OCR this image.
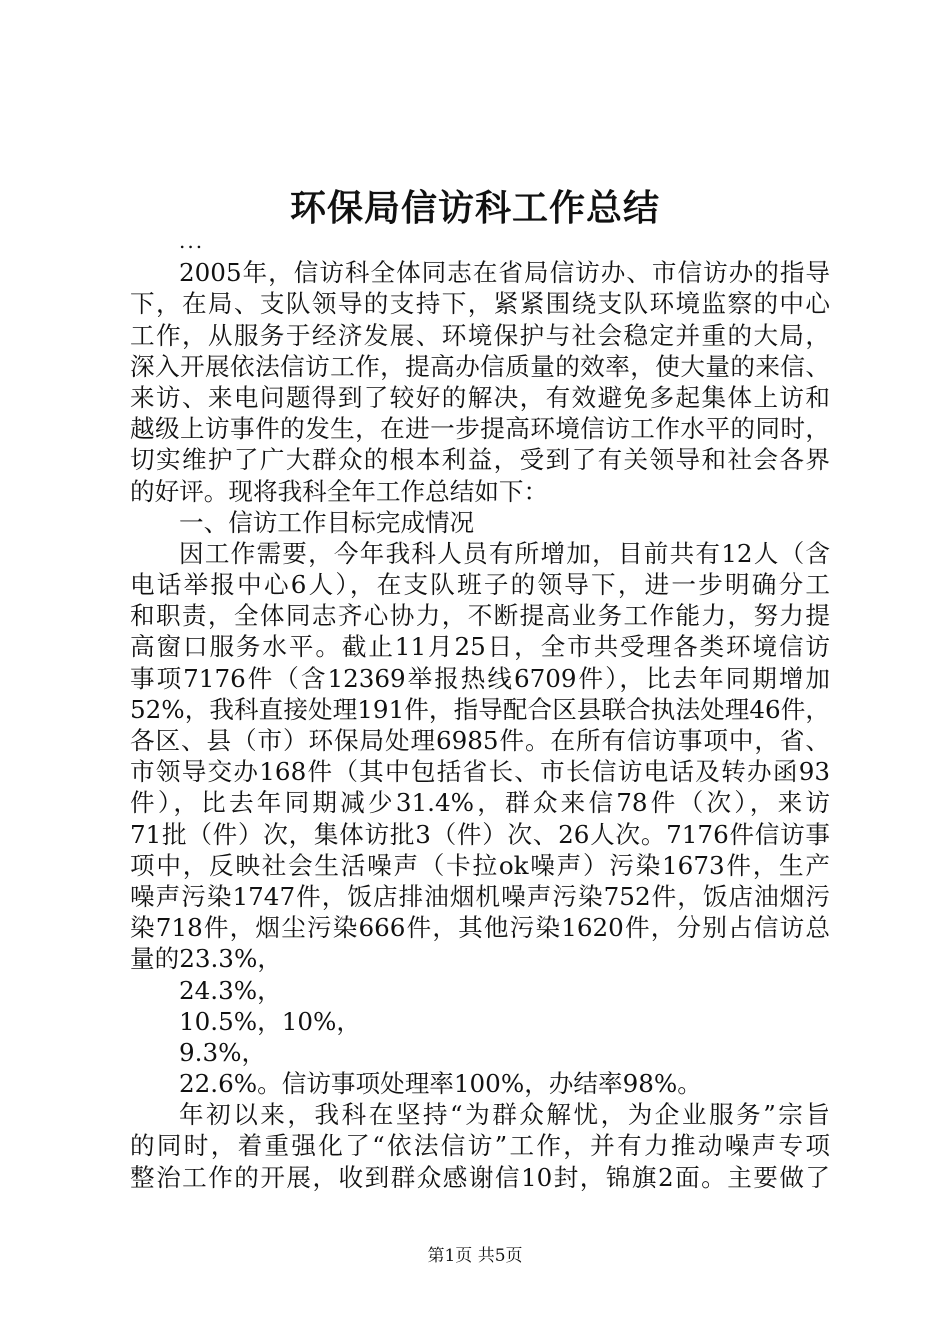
环保局信访科工作总结
...
2005年，信访科全体同志在省局信访办、市信访办的指导
下，在局、支队领导的支持下，紧紧围绕支队环境监察的中心
工作，从服务于经济发展、环境保护与社会稳定并重的大局，
深入开展依法信访工作，提高办信质量的效率，使大量的来信、
来访、来电问题得到了较好的解决，有效避免多起集体上访和
越级上访事件的发生，在进一步提高环境信访工作水平的同时，
切实维护了广大群众的根本利益，受到了有关领导和社会各界
的好评。现将我科全年工作总结如下：
一、信访工作目标完成情况
因工作需要，今年我科人员有所增加，目前共有12人（含
电话举报中心6人），在支队班子的领导下，进一步明确分工
和职责，全体同志齐心协力，不断提高业务工作能力，努力提
高窗口服务水平。截止11月25日，全市共受理各类环境信访
事项7176件（含12369举报热线6709件），比去年同期增加
52%，我科直接处理191件，指导配合区县联合执法处理46件，
各区、县（市）环保局处理6985件。在所有信访事项中，省、
市领导交办168件（其中包括省长、市长信访电话及转办函93
件），比去年同期减少31.4%，群众来信78件（次），来访
71批（件）次，集体访批3（件）次、26人次。7176件信访事
项中，反映社会生活噪声（卡拉ok噪声）污染1673件，生产
噪声污染1747件，饭店排油烟机噪声污染752件，饭店油烟污
染718件，烟尘污染666件，其他污染1620件，分别占信访总
量的23.3%，
24.3%，
10.5%，10%，
9.3%，
22.6%。信访事项处理率100%，办结率98%。
年初以来，我科在坚持“为群众解忧，为企业服务”宗旨
的同时，着重强化了“依法信访”工作，并有力推动噪声专项
整治工作的开展，收到群众感谢信10封，锦旗2面。主要做了
第1页 共5页
